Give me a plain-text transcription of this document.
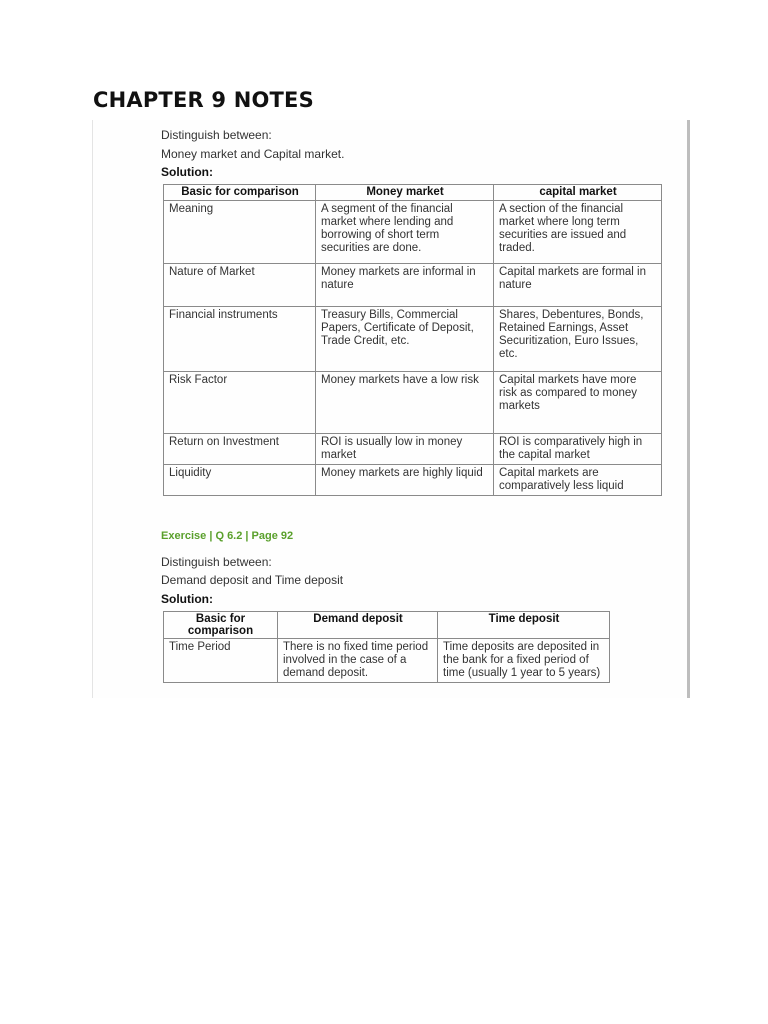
CHAPTER 9 NOTES
Distinguish between:
Money market and Capital market.
Solution:
Basic for comparison	Money market	capital market
Meaning	A segment of the financial market where lending and borrowing of short term securities are done.	A section of the financial market where long term securities are issued and traded.
Nature of Market	Money markets are informal in nature	Capital markets are formal in nature
Financial instruments	Treasury Bills, Commercial Papers, Certificate of Deposit, Trade Credit, etc.	Shares, Debentures, Bonds, Retained Earnings, Asset Securitization, Euro Issues, etc.
Risk Factor	Money markets have a low risk	Capital markets have more risk as compared to money markets
Return on Investment	ROI is usually low in money market	ROI is comparatively high in the capital market
Liquidity	Money markets are highly liquid	Capital markets are comparatively less liquid
Exercise | Q 6.2 | Page 92
Distinguish between:
Demand deposit and Time deposit
Solution:
Basic for comparison	Demand deposit	Time deposit
Time Period	There is no fixed time period involved in the case of a demand deposit.	Time deposits are deposited in the bank for a fixed period of time (usually 1 year to 5 years)
